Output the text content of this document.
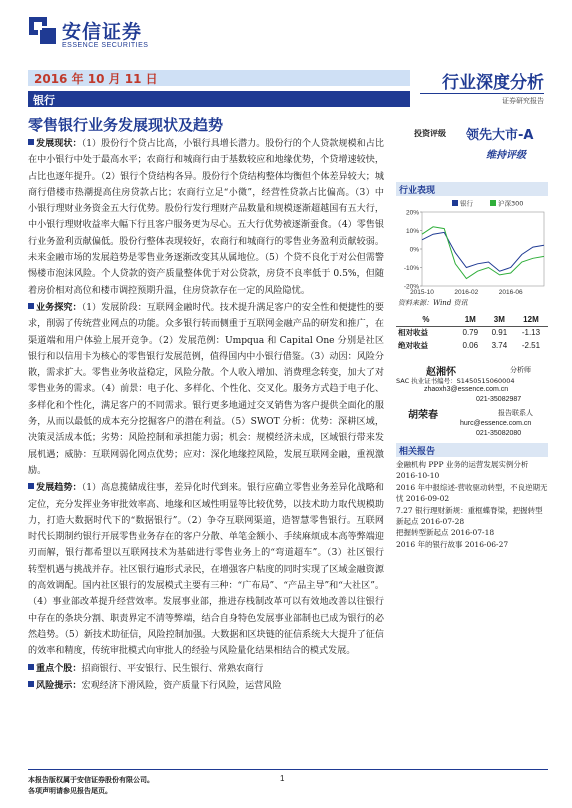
安信证券
ESSENCE SECURITIES
2016 年 10 月 11 日
银行
行业深度分析
证券研究报告
零售银行业务发展现状及趋势

发展现状：（1）股份行个贷占比高，小银行具增长潜力。股份行的个人贷款规模和占比在中小银行中处于最高水平；农商行和城商行由于基数较应和地缘优势，个贷增速较快，占比也逐年提升。（2）银行个贷结构各异。股份行个贷结构整体均衡但个体差异较大；城商行借楼市热潮提高住房贷款占比；农商行立足“小微”，经营性贷款占比偏高。（3）中小银行理财业务资金五大行优势。股份行发行理财产品数量和规模逐渐超越国有五大行，中小银行理财收益率大幅下行且客户服务更为尽心。五大行优势被逐渐蚕食。（4）零售银行业务盈利贡献偏低。股份行整体表现较好，农商行和城商行的零售业务盈利贡献较弱。未来金融市场的发展趋势是零售业务逐渐改变其从属地位。（5）个贷不良化于对公但需警惕楼市泡沫风险。个人贷款的资产质量整体优于对公贷款，房贷不良率低于 0.5%，但随着房价相对高位和楼市调控预期升温，住房贷款存在一定的风险隐忧。

业务探究：（1）发展阶段：互联网金融时代。技术提升满足客户的安全性和便捷性的要求，削弱了传统营业网点的功能。众多银行转而侧重于互联网金融产品的研发和推广，在渠道端和用户体验上展开竞争。（2）发展范例：Umpqua 和 Capital One 分别是社区银行和以信用卡为核心的零售银行发展范例，值得国内中小银行借鉴。（3）动因：风险分散，需求扩大。零售业务收益稳定，风险分散。个人收入增加、消费理念转变，加大了对零售业务的需求。（4）前景：电子化、多样化、个性化、交叉化。服务方式趋于电子化、多样化和个性化，满足客户的不同需求。银行更多地通过交叉销售为客户提供全面化的服务，从而以最低的成本充分挖掘客户的潜在利益。（5）SWOT 分析：优势：深耕区域，决策灵活成本低；劣势：风险控制和承担能力弱；机会：规模经济未成，区域银行带来发展机遇；威胁：互联网弱化网点优势；应对：深化地缘控风险，发展互联网金融，重视激励。

发展趋势：（1）高息揽储成往事，差异化时代到来。银行应确立零售业务差异化战略和定位，充分发挥业务审批效率高、地缘和区域性明显等比较优势，以技术助力取代规模助力，打造大数据时代下的“数据银行”。（2）争夺互联网渠道，造智慧零售银行。互联网时代长期制约银行开展零售业务存在的客户分散、单笔金额小、手续麻烦成本高等弊端迎刃而解，银行都希望以互联网技术为基础进行零售业务上的“弯道超车”。（3）社区银行转型机遇与挑战并存。社区银行遍形式录民，在增强客户粘度的同时实现了区域金融资源的高效调配。国内社区银行的发展模式主要有三种：“广布局”、“产品主导”和“大社区”。（4）事业部改革提升经营效率。发展事业部，推进存栈制改革可以有效地改善以往银行中存在的条块分割、职责界定不清等弊端，结合自身特色发展事业部制也已成为银行的必然趋势。（5）新技术助征信，风险控制加强。大数据和区块链的征信系统大大提升了征信的效率和精度，传统审批模式向审批人的经验与风险量化结果相结合的模式发展。

重点个股：招商银行、平安银行、民生银行、常熟农商行

风险提示：宏观经济下滑风险，资产质量下行风险，运营风险

投资评级 领先大市-A
维持评级
行业表现
20%
10%
0%
-10%
-20%
2015-10	2016-02	2016-06
银行	沪深300
资料来源：Wind 资讯
%	1M	3M	12M
相对收益	0.79	0.91	-1.13
绝对收益	0.06	3.74	-2.51
赵湘怀	分析师
SAC 执业证书编号：S1450515060004
zhaoxh3@essence.com.cn
021-35082987
胡荣春	报告联系人
hurc@essence.com.cn
021-35082080
相关报告
金融机构 PPP 业务的运营发展实例分析
2016-10-10
2016 年中报综述-营收驱动转型，不良逆期无忧 2016-09-02
7.27 银行理财新规：重框蝶脊梁，把握转型新起点 2016-07-28
把握转型新起点 2016-07-18
2016 年的银行故事 2016-06-27
本报告版权属于安信证券股份有限公司。
各项声明请参见报告尾页。
1
